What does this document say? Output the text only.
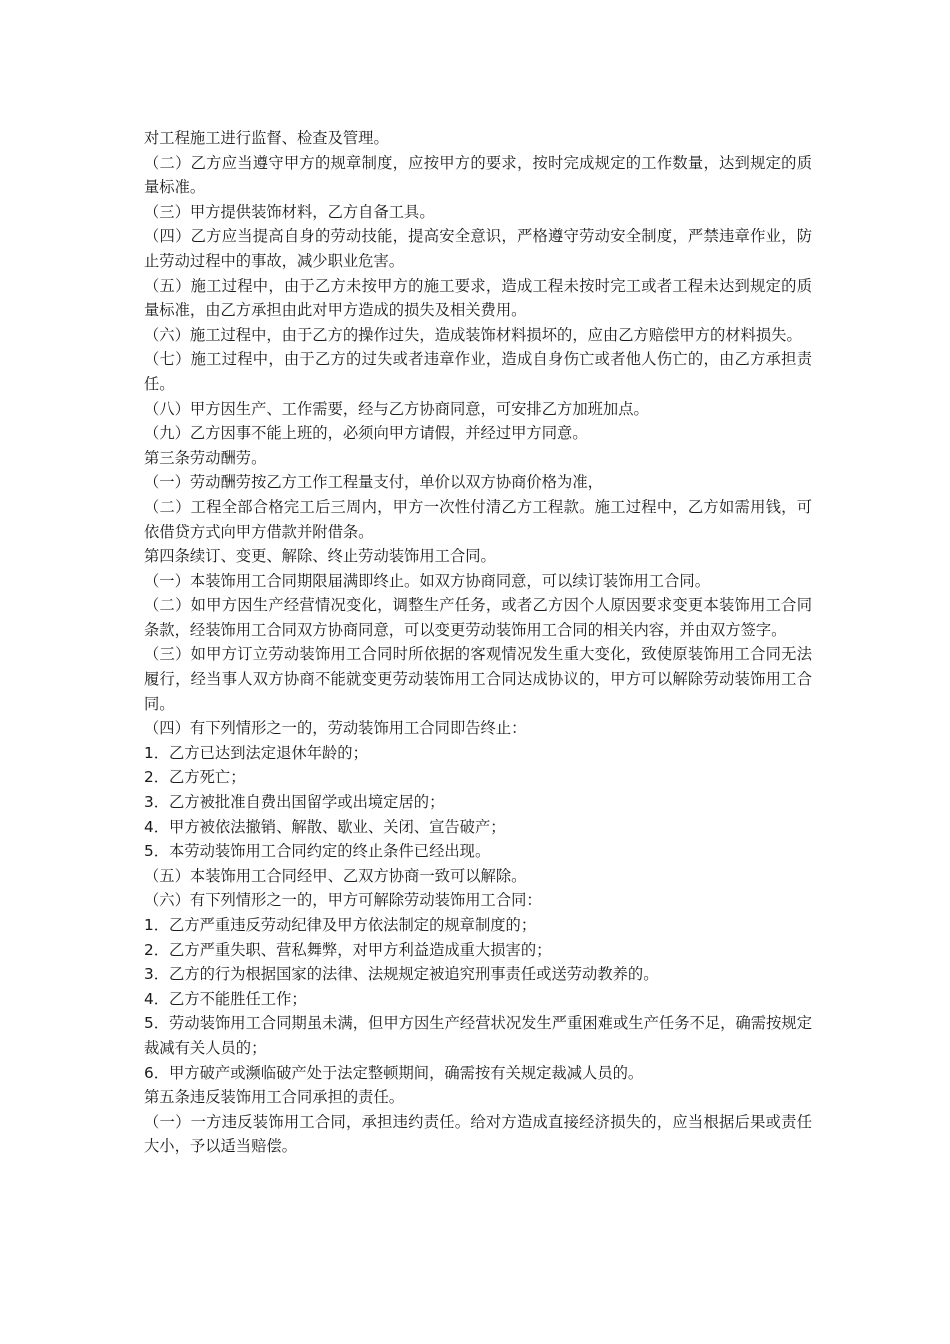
对工程施工进行监督、检查及管理。

（二）乙方应当遵守甲方的规章制度，应按甲方的要求，按时完成规定的工作数量，达到规定的质量标准。

（三）甲方提供装饰材料，乙方自备工具。

（四）乙方应当提高自身的劳动技能，提高安全意识，严格遵守劳动安全制度，严禁违章作业，防止劳动过程中的事故，减少职业危害。

（五）施工过程中，由于乙方未按甲方的施工要求，造成工程未按时完工或者工程未达到规定的质量标准，由乙方承担由此对甲方造成的损失及相关费用。

（六）施工过程中，由于乙方的操作过失，造成装饰材料损坏的，应由乙方赔偿甲方的材料损失。

（七）施工过程中，由于乙方的过失或者违章作业，造成自身伤亡或者他人伤亡的，由乙方承担责任。

（八）甲方因生产、工作需要，经与乙方协商同意，可安排乙方加班加点。

（九）乙方因事不能上班的，必须向甲方请假，并经过甲方同意。

第三条劳动酬劳。

（一）劳动酬劳按乙方工作工程量支付，单价以双方协商价格为准，

（二）工程全部合格完工后三周内，甲方一次性付清乙方工程款。施工过程中，乙方如需用钱，可依借贷方式向甲方借款并附借条。

第四条续订、变更、解除、终止劳动装饰用工合同。

（一）本装饰用工合同期限届满即终止。如双方协商同意，可以续订装饰用工合同。

（二）如甲方因生产经营情况变化，调整生产任务，或者乙方因个人原因要求变更本装饰用工合同条款，经装饰用工合同双方协商同意，可以变更劳动装饰用工合同的相关内容，并由双方签字。

（三）如甲方订立劳动装饰用工合同时所依据的客观情况发生重大变化，致使原装饰用工合同无法履行，经当事人双方协商不能就变更劳动装饰用工合同达成协议的，甲方可以解除劳动装饰用工合同。

（四）有下列情形之一的，劳动装饰用工合同即告终止：

1．乙方已达到法定退休年龄的；

2．乙方死亡；

3．乙方被批准自费出国留学或出境定居的；

4．甲方被依法撤销、解散、歇业、关闭、宣告破产；

5．本劳动装饰用工合同约定的终止条件已经出现。

（五）本装饰用工合同经甲、乙双方协商一致可以解除。

（六）有下列情形之一的，甲方可解除劳动装饰用工合同：

1．乙方严重违反劳动纪律及甲方依法制定的规章制度的；

2．乙方严重失职、营私舞弊，对甲方利益造成重大损害的；

3．乙方的行为根据国家的法律、法规规定被追究刑事责任或送劳动教养的。

4．乙方不能胜任工作；

5．劳动装饰用工合同期虽未满，但甲方因生产经营状况发生严重困难或生产任务不足，确需按规定裁减有关人员的；

6．甲方破产或濒临破产处于法定整顿期间，确需按有关规定裁减人员的。

第五条违反装饰用工合同承担的责任。

（一）一方违反装饰用工合同，承担违约责任。给对方造成直接经济损失的，应当根据后果或责任大小，予以适当赔偿。
